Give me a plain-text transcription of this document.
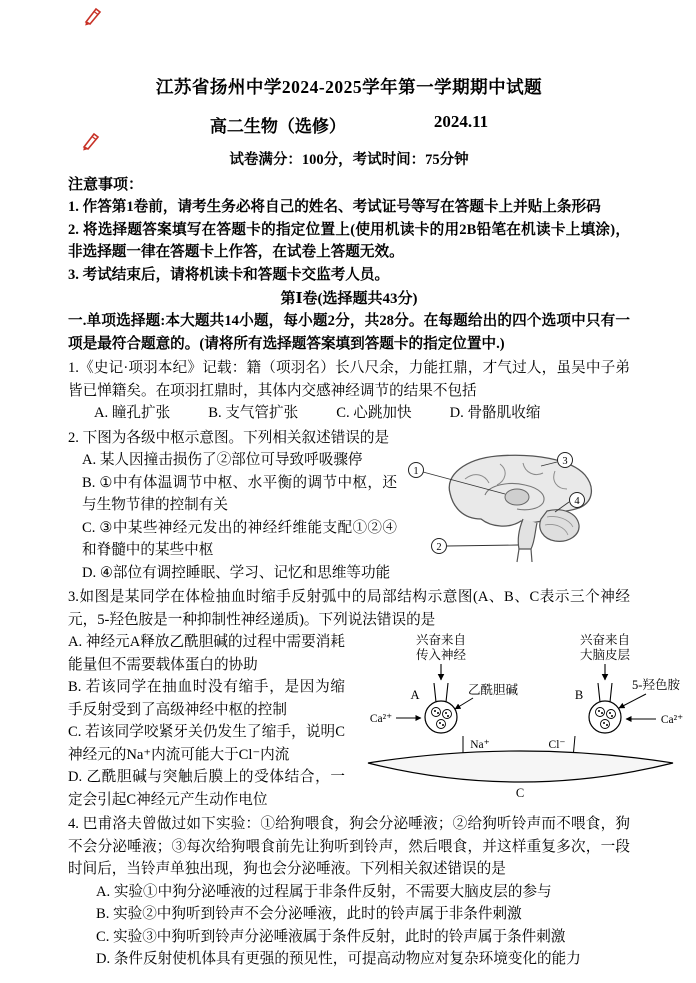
江苏省扬州中学2024-2025学年第一学期期中试题
高二生物（选修）	2024.11
试卷满分：100分，考试时间：75分钟
注意事项：
1. 作答第1卷前，请考生务必将自己的姓名、考试证号等写在答题卡上并贴上条形码
2. 将选择题答案填写在答题卡的指定位置上(使用机读卡的用2B铅笔在机读卡上填涂)，非选择题一律在答题卡上作答，在试卷上答题无效。
3. 考试结束后，请将机读卡和答题卡交监考人员。
第Ⅰ卷(选择题共43分)
一.单项选择题:本大题共14小题，每小题2分，共28分。在每题给出的四个选项中只有一项是最符合题意的。(请将所有选择题答案填到答题卡的指定位置中.)
1.《史记·项羽本纪》记载：籍（项羽名）长八尺余，力能扛鼎，才气过人，虽吴中子弟皆已惮籍矣。在项羽扛鼎时，其体内交感神经调节的结果不包括
A. 瞳孔扩张	B. 支气管扩张	C. 心跳加快	D. 骨骼肌收缩
2. 下图为各级中枢示意图。下列相关叙述错误的是
1
2
3
4
A. 某人因撞击损伤了②部位可导致呼吸骤停
B. ①中有体温调节中枢、水平衡的调节中枢，还与生物节律的控制有关
C. ③中某些神经元发出的神经纤维能支配①②④和脊髓中的某些中枢
D. ④部位有调控睡眠、学习、记忆和思维等功能
3.如图是某同学在体检抽血时缩手反射弧中的局部结构示意图(A、B、C表示三个神经元，5-羟色胺是一种抑制性神经递质)。下列说法错误的是
兴奋来自
传入神经
A	乙酰胆碱
Ca²⁺
兴奋来自
大脑皮层
B
5-羟色胺
Ca²⁺
Na⁺	Cl⁻
C
A. 神经元A释放乙酰胆碱的过程中需要消耗能量但不需要载体蛋白的协助
B. 若该同学在抽血时没有缩手，是因为缩手反射受到了高级神经中枢的控制
C. 若该同学咬紧牙关仍发生了缩手，说明C神经元的Na⁺内流可能大于Cl⁻内流
D. 乙酰胆碱与突触后膜上的受体结合，一定会引起C神经元产生动作电位
4. 巴甫洛夫曾做过如下实验：①给狗喂食，狗会分泌唾液；②给狗听铃声而不喂食，狗不会分泌唾液；③每次给狗喂食前先让狗听到铃声，然后喂食，并这样重复多次，一段时间后，当铃声单独出现，狗也会分泌唾液。下列相关叙述错误的是
A. 实验①中狗分泌唾液的过程属于非条件反射，不需要大脑皮层的参与
B. 实验②中狗听到铃声不会分泌唾液，此时的铃声属于非条件刺激
C. 实验③中狗听到铃声分泌唾液属于条件反射，此时的铃声属于条件刺激
D. 条件反射使机体具有更强的预见性，可提高动物应对复杂环境变化的能力
